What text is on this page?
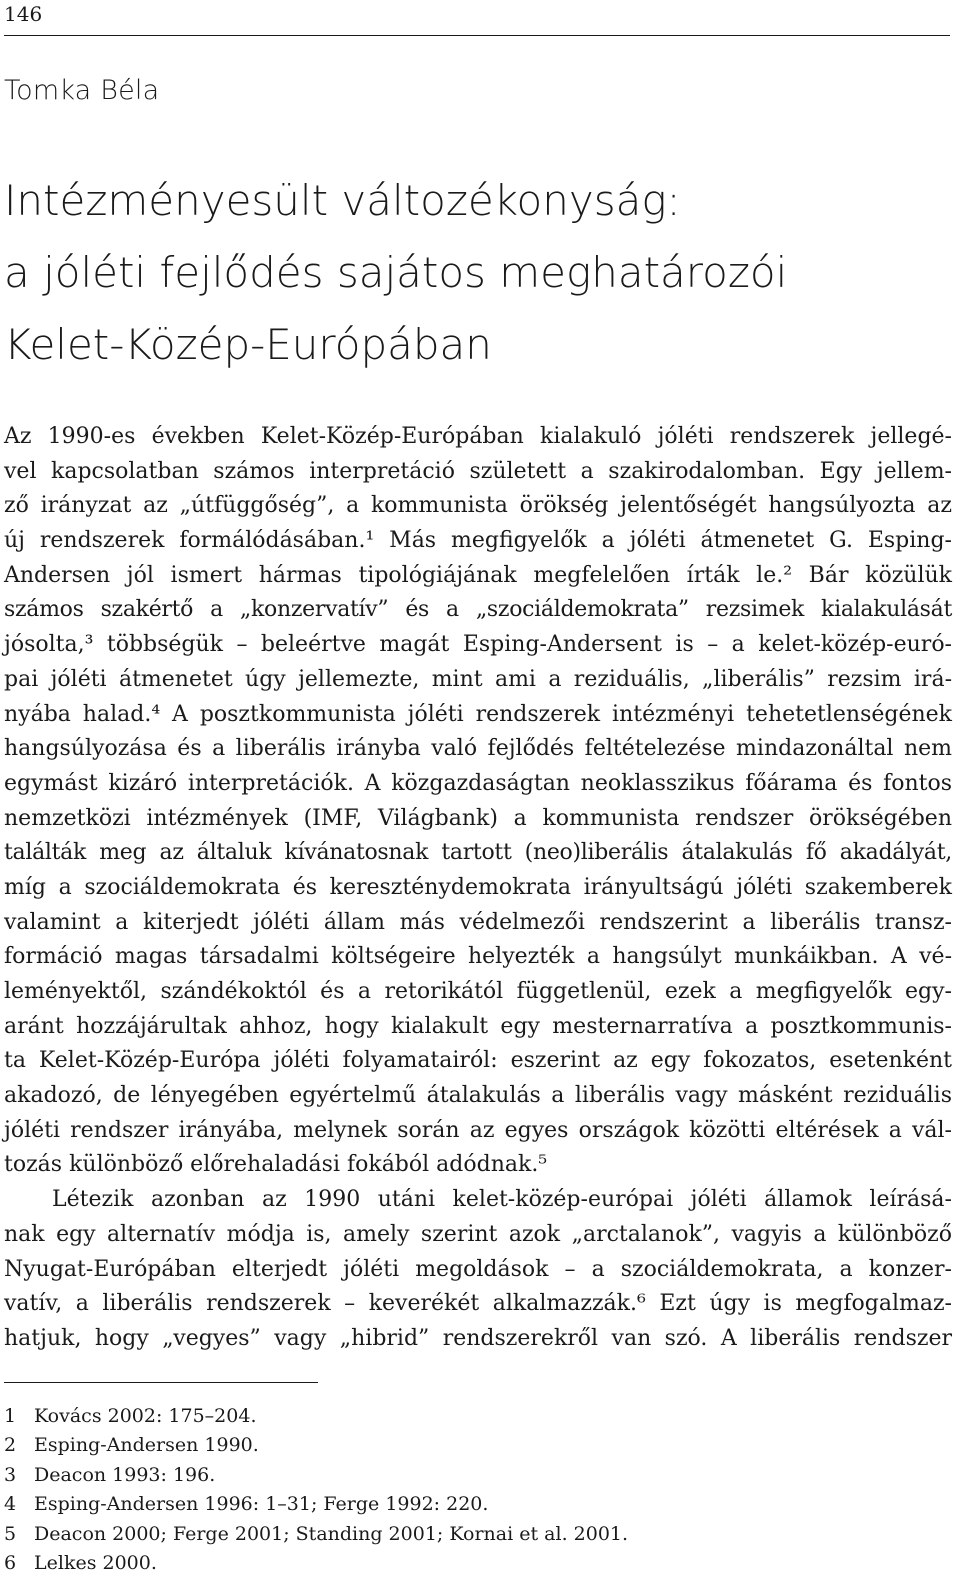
146
Tomka Béla
Intézményesült változékonyság:
a jóléti fejlődés sajátos meghatározói
Kelet-Közép-Európában
Az 1990-es években Kelet-Közép-Európában kialakuló jóléti rendszerek jellegé-
vel kapcsolatban számos interpretáció született a szakirodalomban. Egy jellem-
ző irányzat az „útfüggőség”, a kommunista örökség jelentőségét hangsúlyozta az
új rendszerek formálódásában.¹ Más megfigyelők a jóléti átmenetet G. Esping-
Andersen jól ismert hármas tipológiájának megfelelően írták le.² Bár közülük
számos szakértő a „konzervatív” és a „szociáldemokrata” rezsimek kialakulását
jósolta,³ többségük – beleértve magát Esping-Andersent is – a kelet-közép-euró-
pai jóléti átmenetet úgy jellemezte, mint ami a reziduális, „liberális” rezsim irá-
nyába halad.⁴ A posztkommunista jóléti rendszerek intézményi tehetetlenségének
hangsúlyozása és a liberális irányba való fejlődés feltételezése mindazonáltal nem
egymást kizáró interpretációk. A közgazdaságtan neoklasszikus főárama és fontos
nemzetközi intézmények (IMF, Világbank) a kommunista rendszer örökségében
találták meg az általuk kívánatosnak tartott (neo)liberális átalakulás fő akadályát,
míg a szociáldemokrata és kereszténydemokrata irányultságú jóléti szakemberek
valamint a kiterjedt jóléti állam más védelmezői rendszerint a liberális transz-
formáció magas társadalmi költségeire helyezték a hangsúlyt munkáikban. A vé-
leményektől, szándékoktól és a retorikától függetlenül, ezek a megfigyelők egy-
aránt hozzájárultak ahhoz, hogy kialakult egy mesternarratíva a posztkommunis-
ta Kelet-Közép-Európa jóléti folyamatairól: eszerint az egy fokozatos, esetenként
akadozó, de lényegében egyértelmű átalakulás a liberális vagy másként reziduális
jóléti rendszer irányába, melynek során az egyes országok közötti eltérések a vál-
tozás különböző előrehaladási fokából adódnak.⁵
Létezik azonban az 1990 utáni kelet-közép-európai jóléti államok leírásá-
nak egy alternatív módja is, amely szerint azok „arctalanok”, vagyis a különböző
Nyugat-Európában elterjedt jóléti megoldások – a szociáldemokrata, a konzer-
vatív, a liberális rendszerek – keverékét alkalmazzák.⁶ Ezt úgy is megfogalmaz-
hatjuk, hogy „vegyes” vagy „hibrid” rendszerekről van szó. A liberális rendszer
1 Kovács 2002: 175–204.
2 Esping-Andersen 1990.
3 Deacon 1993: 196.
4 Esping-Andersen 1996: 1–31; Ferge 1992: 220.
5 Deacon 2000; Ferge 2001; Standing 2001; Kornai et al. 2001.
6 Lelkes 2000.
